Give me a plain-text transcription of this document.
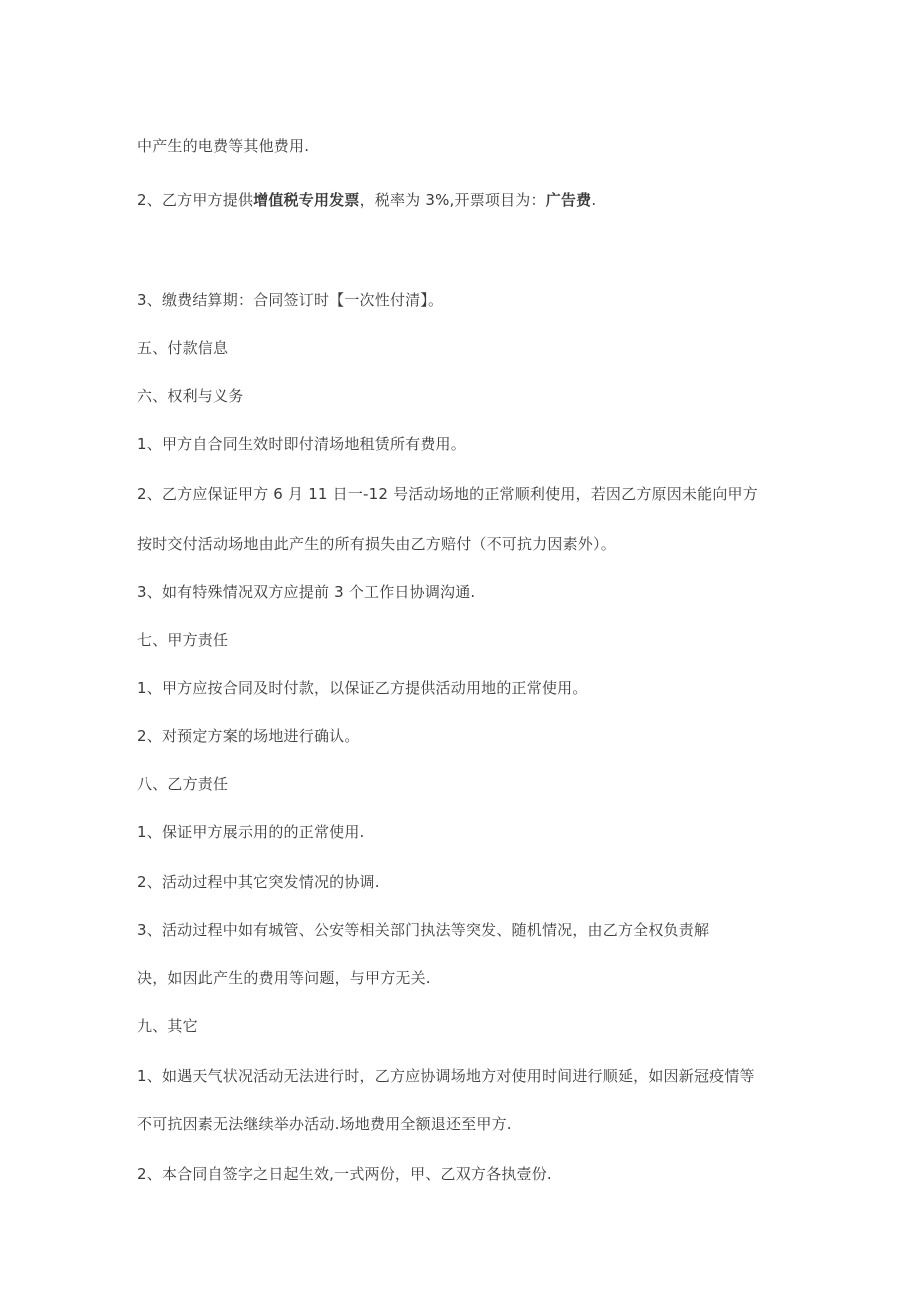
中产生的电费等其他费用.
2、乙方甲方提供增值税专用发票，税率为 3%,开票项目为：广告费.
3、缴费结算期：合同签订时【一次性付清】。
五、付款信息
六、权利与义务
1、甲方自合同生效时即付清场地租赁所有费用。
2、乙方应保证甲方 6 月 11 日一-12 号活动场地的正常顺利使用，若因乙方原因未能向甲方
按时交付活动场地由此产生的所有损失由乙方赔付（不可抗力因素外）。
3、如有特殊情况双方应提前 3 个工作日协调沟通.
七、甲方责任
1、甲方应按合同及时付款，以保证乙方提供活动用地的正常使用。
2、对预定方案的场地进行确认。
八、乙方责任
1、保证甲方展示用的的正常使用.
2、活动过程中其它突发情况的协调.
3、活动过程中如有城管、公安等相关部门执法等突发、随机情况，由乙方全权负责解
决，如因此产生的费用等问题，与甲方无关.
九、其它
1、如遇天气状况活动无法进行时，乙方应协调场地方对使用时间进行顺延，如因新冠疫情等
不可抗因素无法继续举办活动.场地费用全额退还至甲方.
2、本合同自签字之日起生效,一式两份，甲、乙双方各执壹份.
